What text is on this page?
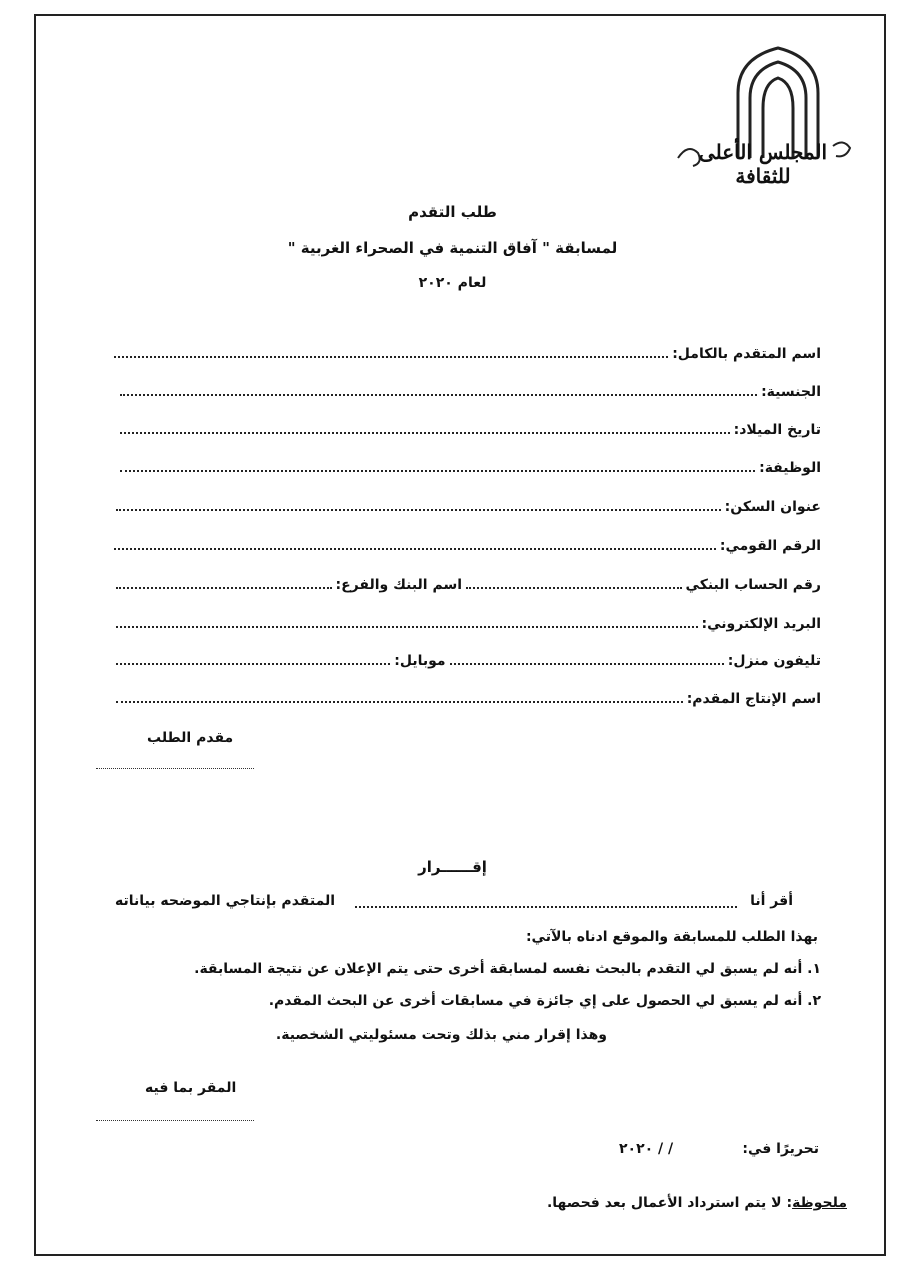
المجلس الأعلى للثقافة
طلب التقدم
لمسابقة " آفاق التنمية في الصحراء الغربية "
لعام ٢٠٢٠
اسم المتقدم بالكامل:
الجنسية:
تاريخ الميلاد:
الوظيفة:
عنوان السكن:
الرقم القومي:
رقم الحساب البنكي
اسم البنك والفرع:
البريد الإلكتروني:
تليفون منزل:
موبايل:
اسم الإنتاج المقدم:
مقدم الطلب
إقــــــرار
أقر أنا
المتقدم بإنتاجي الموضحه بياناته
بهذا الطلب للمسابقة والموقع ادناه بالآتي:
١. أنه لم يسبق لي التقدم بالبحث نفسه لمسابقة أخرى حتى يتم الإعلان عن نتيجة المسابقة.
٢. أنه لم يسبق لي الحصول على إي جائزة في مسابقات أخرى عن البحث المقدم.
وهذا إقرار مني بذلك وتحت مسئوليتي الشخصية.
المقر بما فيه
تحريرًا في:
٢٠٢٠ / /
ملحوظة: لا يتم استرداد الأعمال بعد فحصها.
